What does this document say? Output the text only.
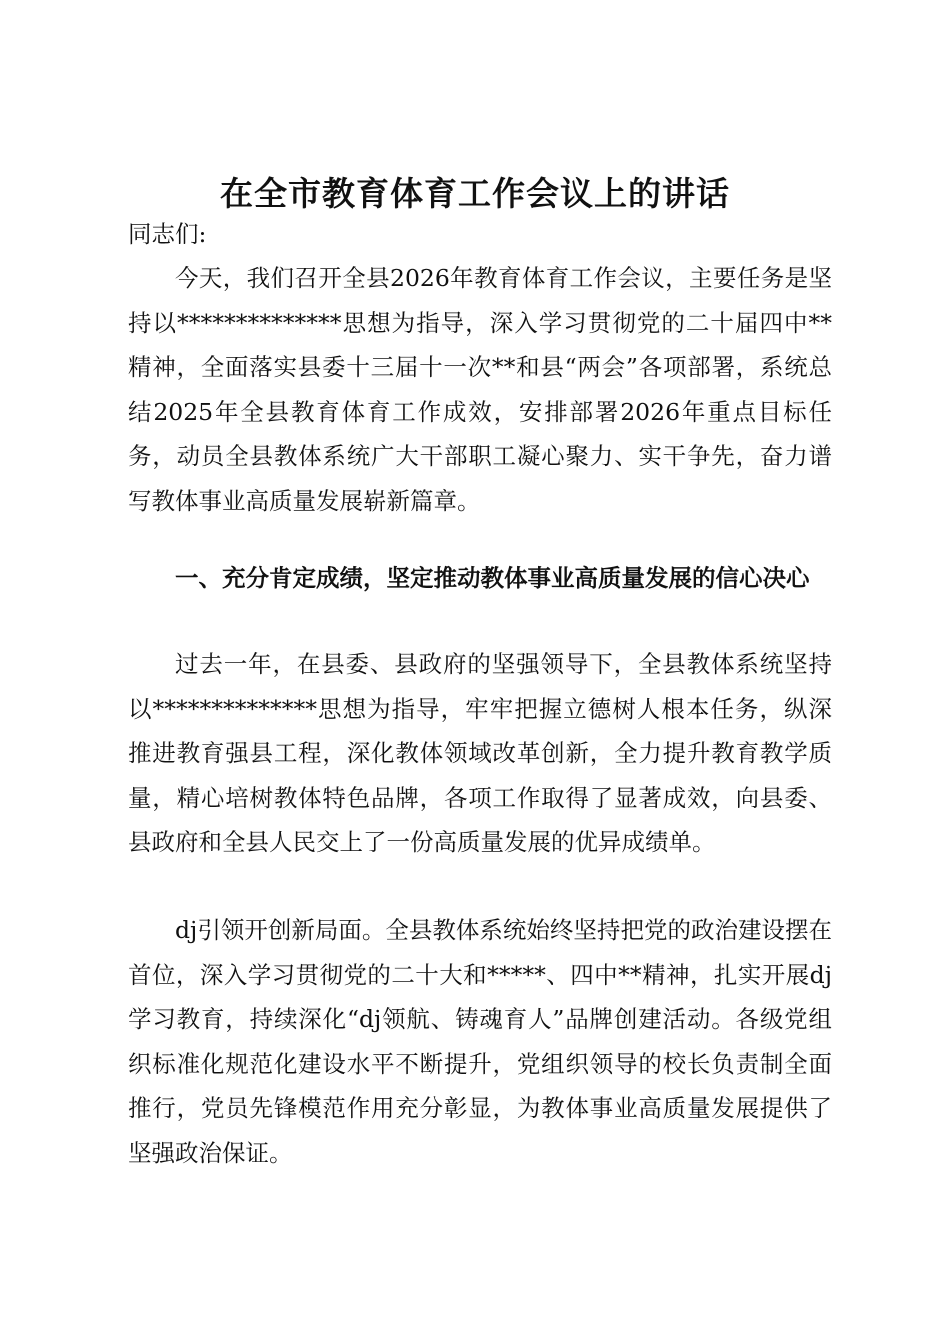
在全市教育体育工作会议上的讲话

同志们:

今天，我们召开全县2026年教育体育工作会议，主要任务是坚持以**************思想为指导，深入学习贯彻党的二十届四中**精神，全面落实县委十三届十一次**和县“两会”各项部署，系统总结2025年全县教育体育工作成效，安排部署2026年重点目标任务，动员全县教体系统广大干部职工凝心聚力、实干争先，奋力谱写教体事业高质量发展崭新篇章。

一、充分肯定成绩，坚定推动教体事业高质量发展的信心决心

过去一年，在县委、县政府的坚强领导下，全县教体系统坚持以**************思想为指导，牢牢把握立德树人根本任务，纵深推进教育强县工程，深化教体领域改革创新，全力提升教育教学质量，精心培树教体特色品牌，各项工作取得了显著成效，向县委、县政府和全县人民交上了一份高质量发展的优异成绩单。

dj引领开创新局面。全县教体系统始终坚持把党的政治建设摆在首位，深入学习贯彻党的二十大和*****、四中**精神，扎实开展dj学习教育，持续深化“dj领航、铸魂育人”品牌创建活动。各级党组织标准化规范化建设水平不断提升，党组织领导的校长负责制全面推行，党员先锋模范作用充分彰显，为教体事业高质量发展提供了坚强政治保证。
